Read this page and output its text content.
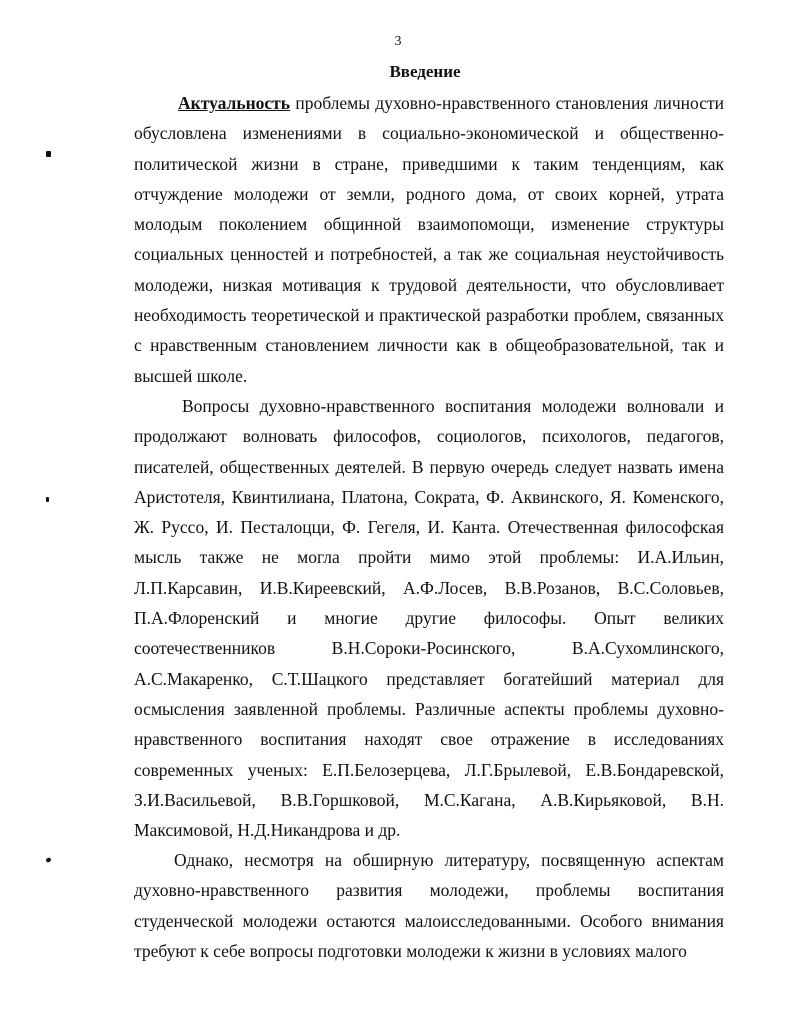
3
Введение

Актуальность проблемы духовно-нравственного становления личности обусловлена изменениями в социально-экономической и общественно- политической жизни в стране, приведшими к таким тенденциям, как отчуждение молодежи от земли, родного дома, от своих корней, утрата молодым поколением общинной взаимопомощи, изменение структуры социальных ценностей и потребностей, а так же социальная неустойчивость молодежи, низкая мотивация к трудовой деятельности, что обусловливает необходимость теоретической и практической разработки проблем, связанных с нравственным становлением личности как в общеобразовательной, так и высшей школе.

Вопросы духовно-нравственного воспитания молодежи волновали и продолжают волновать философов, социологов, психологов, педагогов, писателей, общественных деятелей. В первую очередь следует назвать имена Аристотеля, Квинтилиана, Платона, Сократа, Ф. Аквинского, Я. Коменского, Ж. Руссо, И. Песталоцци, Ф. Гегеля, И. Канта. Отечественная философская мысль также не могла пройти мимо этой проблемы: И.А.Ильин, Л.П.Карсавин, И.В.Киреевский, А.Ф.Лосев, В.В.Розанов, В.С.Соловьев, П.А.Флоренский и многие другие философы. Опыт великих соотечественников В.Н.Сороки-Росинского, В.А.Сухомлинского, А.С.Макаренко, С.Т.Шацкого представляет богатейший материал для осмысления заявленной проблемы. Различные аспекты проблемы духовно-нравственного воспитания находят свое отражение в исследованиях современных ученых: Е.П.Белозерцева, Л.Г.Брылевой, Е.В.Бондаревской, З.И.Васильевой, В.В.Горшковой, М.С.Кагана, А.В.Кирьяковой, В.Н. Максимовой, Н.Д.Никандрова и др.

Однако, несмотря на обширную литературу, посвященную аспектам духовно-нравственного развития молодежи, проблемы воспитания студенческой молодежи остаются малоисследованными. Особого внимания требуют к себе вопросы подготовки молодежи к жизни в условиях малого
